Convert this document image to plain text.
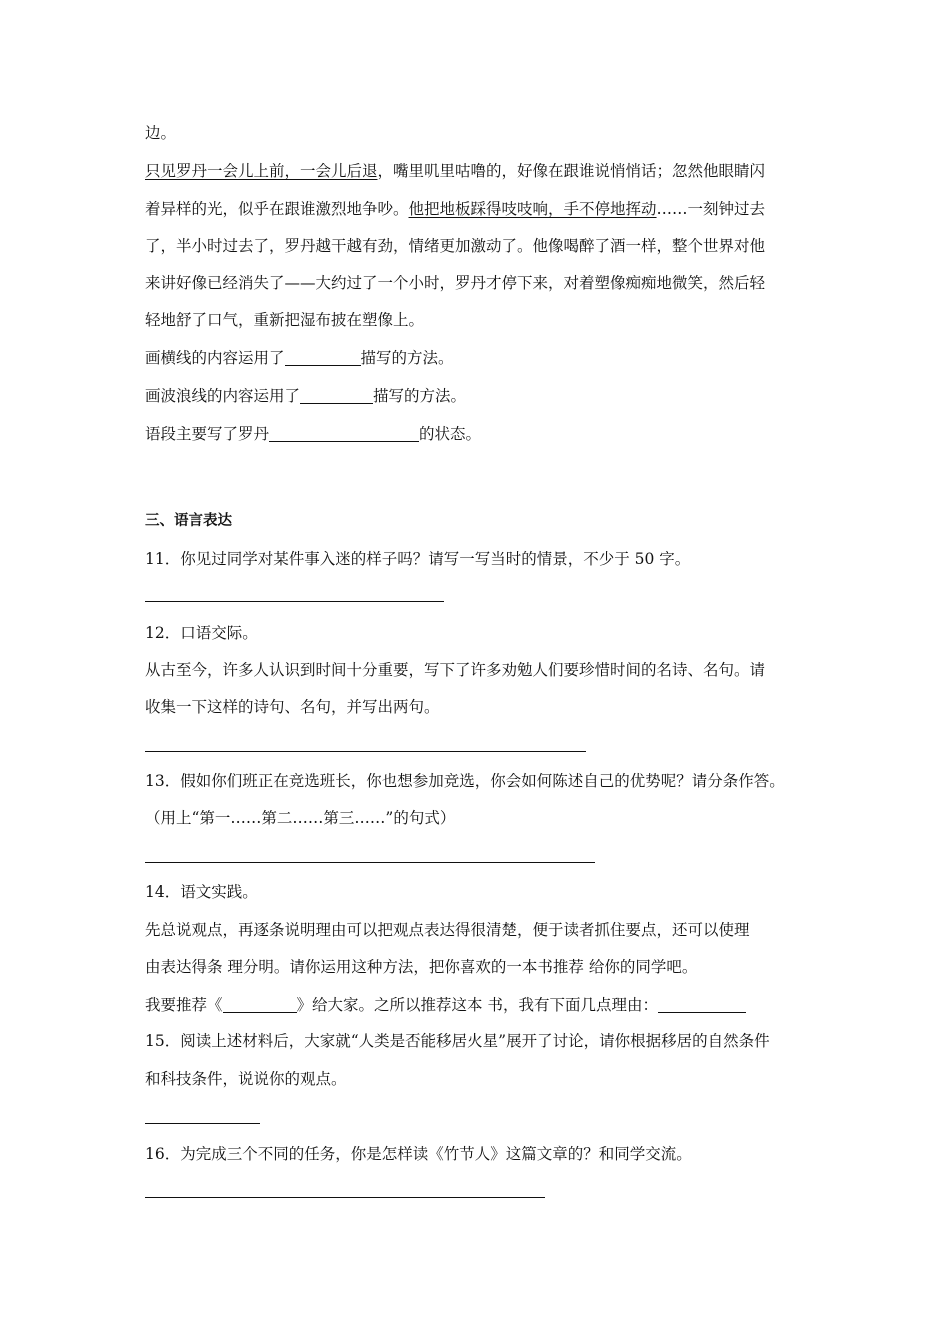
边。
只见罗丹一会儿上前，一会儿后退，嘴里叽里咕噜的，好像在跟谁说悄悄话；忽然他眼睛闪
着异样的光，似乎在跟谁激烈地争吵。他把地板踩得吱吱响，手不停地挥动……一刻钟过去
了，半小时过去了，罗丹越干越有劲，情绪更加激动了。他像喝醉了酒一样，整个世界对他
来讲好像已经消失了——大约过了一个小时，罗丹才停下来，对着塑像痴痴地微笑，然后轻
轻地舒了口气，重新把湿布披在塑像上。
画横线的内容运用了	描写的方法。
画波浪线的内容运用了	描写的方法。
语段主要写了罗丹	的状态。
三、语言表达
11．你见过同学对某件事入迷的样子吗？请写一写当时的情景，不少于 50 字。
12．口语交际。
从古至今，许多人认识到时间十分重要，写下了许多劝勉人们要珍惜时间的名诗、名句。请
收集一下这样的诗句、名句，并写出两句。
13．假如你们班正在竞选班长，你也想参加竞选，你会如何陈述自己的优势呢？请分条作答。
（用上“第一……第二……第三……”的句式）
14．语文实践。
先总说观点，再逐条说明理由可以把观点表达得很清楚，便于读者抓住要点，还可以使理
由表达得条 理分明。请你运用这种方法，把你喜欢的一本书推荐 给你的同学吧。
我要推荐《	》给大家。之所以推荐这本 书，我有下面几点理由：
15．阅读上述材料后，大家就“人类是否能移居火星”展开了讨论，请你根据移居的自然条件
和科技条件，说说你的观点。
16．为完成三个不同的任务，你是怎样读《竹节人》这篇文章的？和同学交流。
